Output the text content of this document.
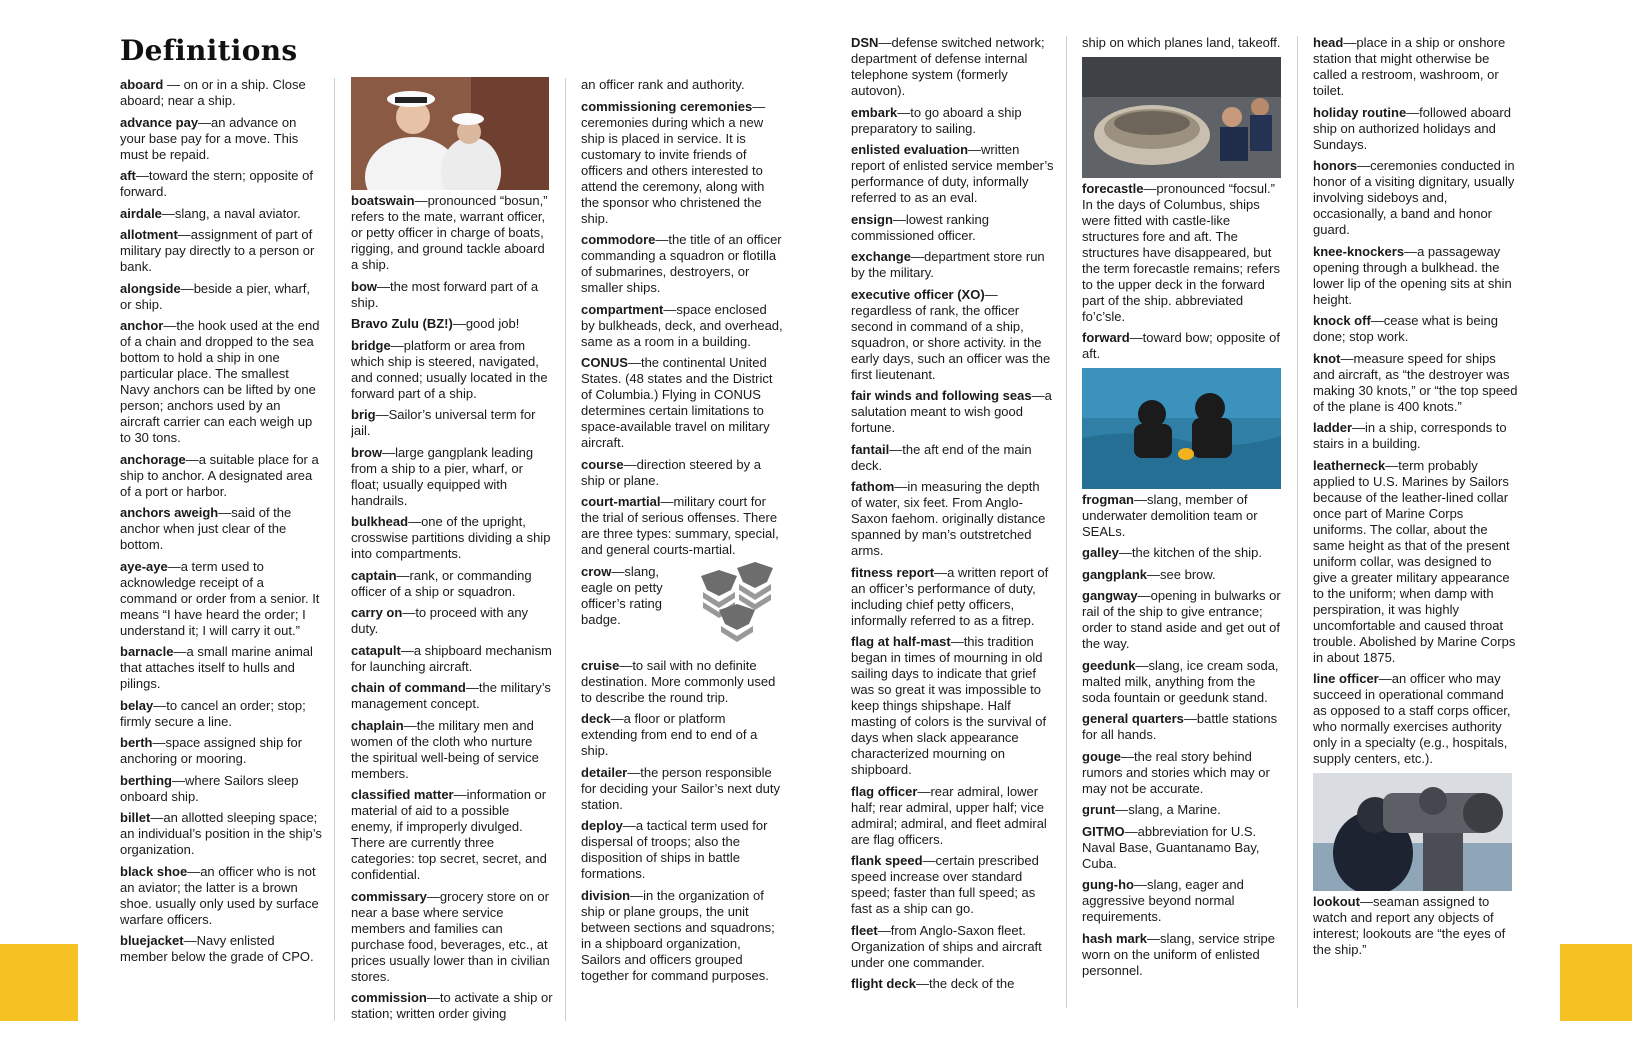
Definitions

aboard — on or in a ship. Close aboard; near a ship.

advance pay—an advance on your base pay for a move. This must be repaid.

aft—toward the stern; opposite of forward.

airdale—slang, a naval aviator.

allotment—assignment of part of military pay directly to a person or bank.

alongside—beside a pier, wharf, or ship.

anchor—the hook used at the end of a chain and dropped to the sea bottom to hold a ship in one particular place. The smallest Navy anchors can be lifted by one person; anchors used by an aircraft carrier can each weigh up to 30 tons.

anchorage—a suitable place for a ship to anchor. A designated area of a port or harbor.

anchors aweigh—said of the anchor when just clear of the bottom.

aye-aye—a term used to acknowledge receipt of a command or order from a senior. It means “I have heard the order; I understand it; I will carry it out.”

barnacle—a small marine animal that attaches itself to hulls and pilings.

belay—to cancel an order; stop; firmly secure a line.

berth—space assigned ship for anchoring or mooring.

berthing—where Sailors sleep onboard ship.

billet—an allotted sleeping space; an individual’s position in the ship’s organization.

black shoe—an officer who is not an aviator; the latter is a brown shoe. usually only used by surface warfare officers.

bluejacket—Navy enlisted member below the grade of CPO.

boatswain—pronounced “bosun,” refers to the mate, warrant officer, or petty officer in charge of boats, rigging, and ground tackle aboard a ship.

bow—the most forward part of a ship.

Bravo Zulu (BZ!)—good job!

bridge—platform or area from which ship is steered, navigated, and conned; usually located in the forward part of a ship.

brig—Sailor’s universal term for jail.

brow—large gangplank leading from a ship to a pier, wharf, or float; usually equipped with handrails.

bulkhead—one of the upright, crosswise partitions dividing a ship into compartments.

captain—rank, or commanding officer of a ship or squadron.

carry on—to proceed with any duty.

catapult—a shipboard mechanism for launching aircraft.

chain of command—the military’s management concept.

chaplain—the military men and women of the cloth who nurture the spiritual well-being of service members.

classified matter—information or material of aid to a possible enemy, if improperly divulged. There are currently three categories: top secret, secret, and confidential.

commissary—grocery store on or near a base where service members and families can purchase food, beverages, etc., at prices usually lower than in civilian stores.

commission—to activate a ship or station; written order giving

an officer rank and authority.

commissioning ceremonies—ceremonies during which a new ship is placed in service. It is customary to invite friends of officers and others interested to attend the ceremony, along with the sponsor who christened the ship.

commodore—the title of an officer commanding a squadron or flotilla of submarines, destroyers, or smaller ships.

compartment—space enclosed by bulkheads, deck, and overhead, same as a room in a building.

CONUS—the continental United States. (48 states and the District of Columbia.) Flying in CONUS determines certain limitations to space-available travel on military aircraft.

course—direction steered by a ship or plane.

court-martial—military court for the trial of serious offenses. There are three types: summary, special, and general courts-martial.

crow—slang, eagle on petty officer’s rating badge.

cruise—to sail with no definite destination. More commonly used to describe the round trip.

deck—a floor or platform extending from end to end of a ship.

detailer—the person responsible for deciding your Sailor’s next duty station.

deploy—a tactical term used for dispersal of troops; also the disposition of ships in battle formations.

division—in the organization of ship or plane groups, the unit between sections and squadrons; in a shipboard organization, Sailors and officers grouped together for command purposes.

DSN—defense switched network; department of defense internal telephone system (formerly autovon).

embark—to go aboard a ship preparatory to sailing.

enlisted evaluation—written report of enlisted service member’s performance of duty, informally referred to as an eval.

ensign—lowest ranking commissioned officer.

exchange—department store run by the military.

executive officer (XO)— regardless of rank, the officer second in command of a ship, squadron, or shore activity. in the early days, such an officer was the first lieutenant.

fair winds and following seas—a salutation meant to wish good fortune.

fantail—the aft end of the main deck.

fathom—in measuring the depth of water, six feet. From Anglo-Saxon faehom. originally distance spanned by man’s outstretched arms.

fitness report—a written report of an officer’s performance of duty, including chief petty officers, informally referred to as a fitrep.

flag at half-mast—this tradition began in times of mourning in old sailing days to indicate that grief was so great it was impossible to keep things shipshape. Half masting of colors is the survival of days when slack appearance characterized mourning on shipboard.

flag officer—rear admiral, lower half; rear admiral, upper half; vice admiral; admiral, and fleet admiral are flag officers.

flank speed—certain prescribed speed increase over standard speed; faster than full speed; as fast as a ship can go.

fleet—from Anglo-Saxon fleet. Organization of ships and aircraft under one commander.

flight deck—the deck of the

ship on which planes land, takeoff.

forecastle—pronounced “focsul.” In the days of Columbus, ships were fitted with castle-like structures fore and aft. The structures have disappeared, but the term forecastle remains; refers to the upper deck in the forward part of the ship. abbreviated fo’c’sle.

forward—toward bow; opposite of aft.

frogman—slang, member of underwater demolition team or SEALs.

galley—the kitchen of the ship.

gangplank—see brow.

gangway—opening in bulwarks or rail of the ship to give entrance; order to stand aside and get out of the way.

geedunk—slang, ice cream soda, malted milk, anything from the soda fountain or geedunk stand.

general quarters—battle stations for all hands.

gouge—the real story behind rumors and stories which may or may not be accurate.

grunt—slang, a Marine.

GITMO—abbreviation for U.S. Naval Base, Guantanamo Bay, Cuba.

gung-ho—slang, eager and aggressive beyond normal requirements.

hash mark—slang, service stripe worn on the uniform of enlisted personnel.

head—place in a ship or onshore station that might otherwise be called a restroom, washroom, or toilet.

holiday routine—followed aboard ship on authorized holidays and Sundays.

honors—ceremonies conducted in honor of a visiting dignitary, usually involving sideboys and, occasionally, a band and honor guard.

knee-knockers—a passageway opening through a bulkhead. the lower lip of the opening sits at shin height.

knock off—cease what is being done; stop work.

knot—measure speed for ships and aircraft, as “the destroyer was making 30 knots,” or “the top speed of the plane is 400 knots.”

ladder—in a ship, corresponds to stairs in a building.

leatherneck—term probably applied to U.S. Marines by Sailors because of the leather-lined collar once part of Marine Corps uniforms. The collar, about the same height as that of the present uniform collar, was designed to give a greater military appearance to the uniform; when damp with perspiration, it was highly uncomfortable and caused throat trouble. Abolished by Marine Corps in about 1875.

line officer—an officer who may succeed in operational command as opposed to a staff corps officer, who normally exercises authority only in a specialty (e.g., hospitals, supply centers, etc.).

lookout—seaman assigned to watch and report any objects of interest; lookouts are “the eyes of the ship.”
